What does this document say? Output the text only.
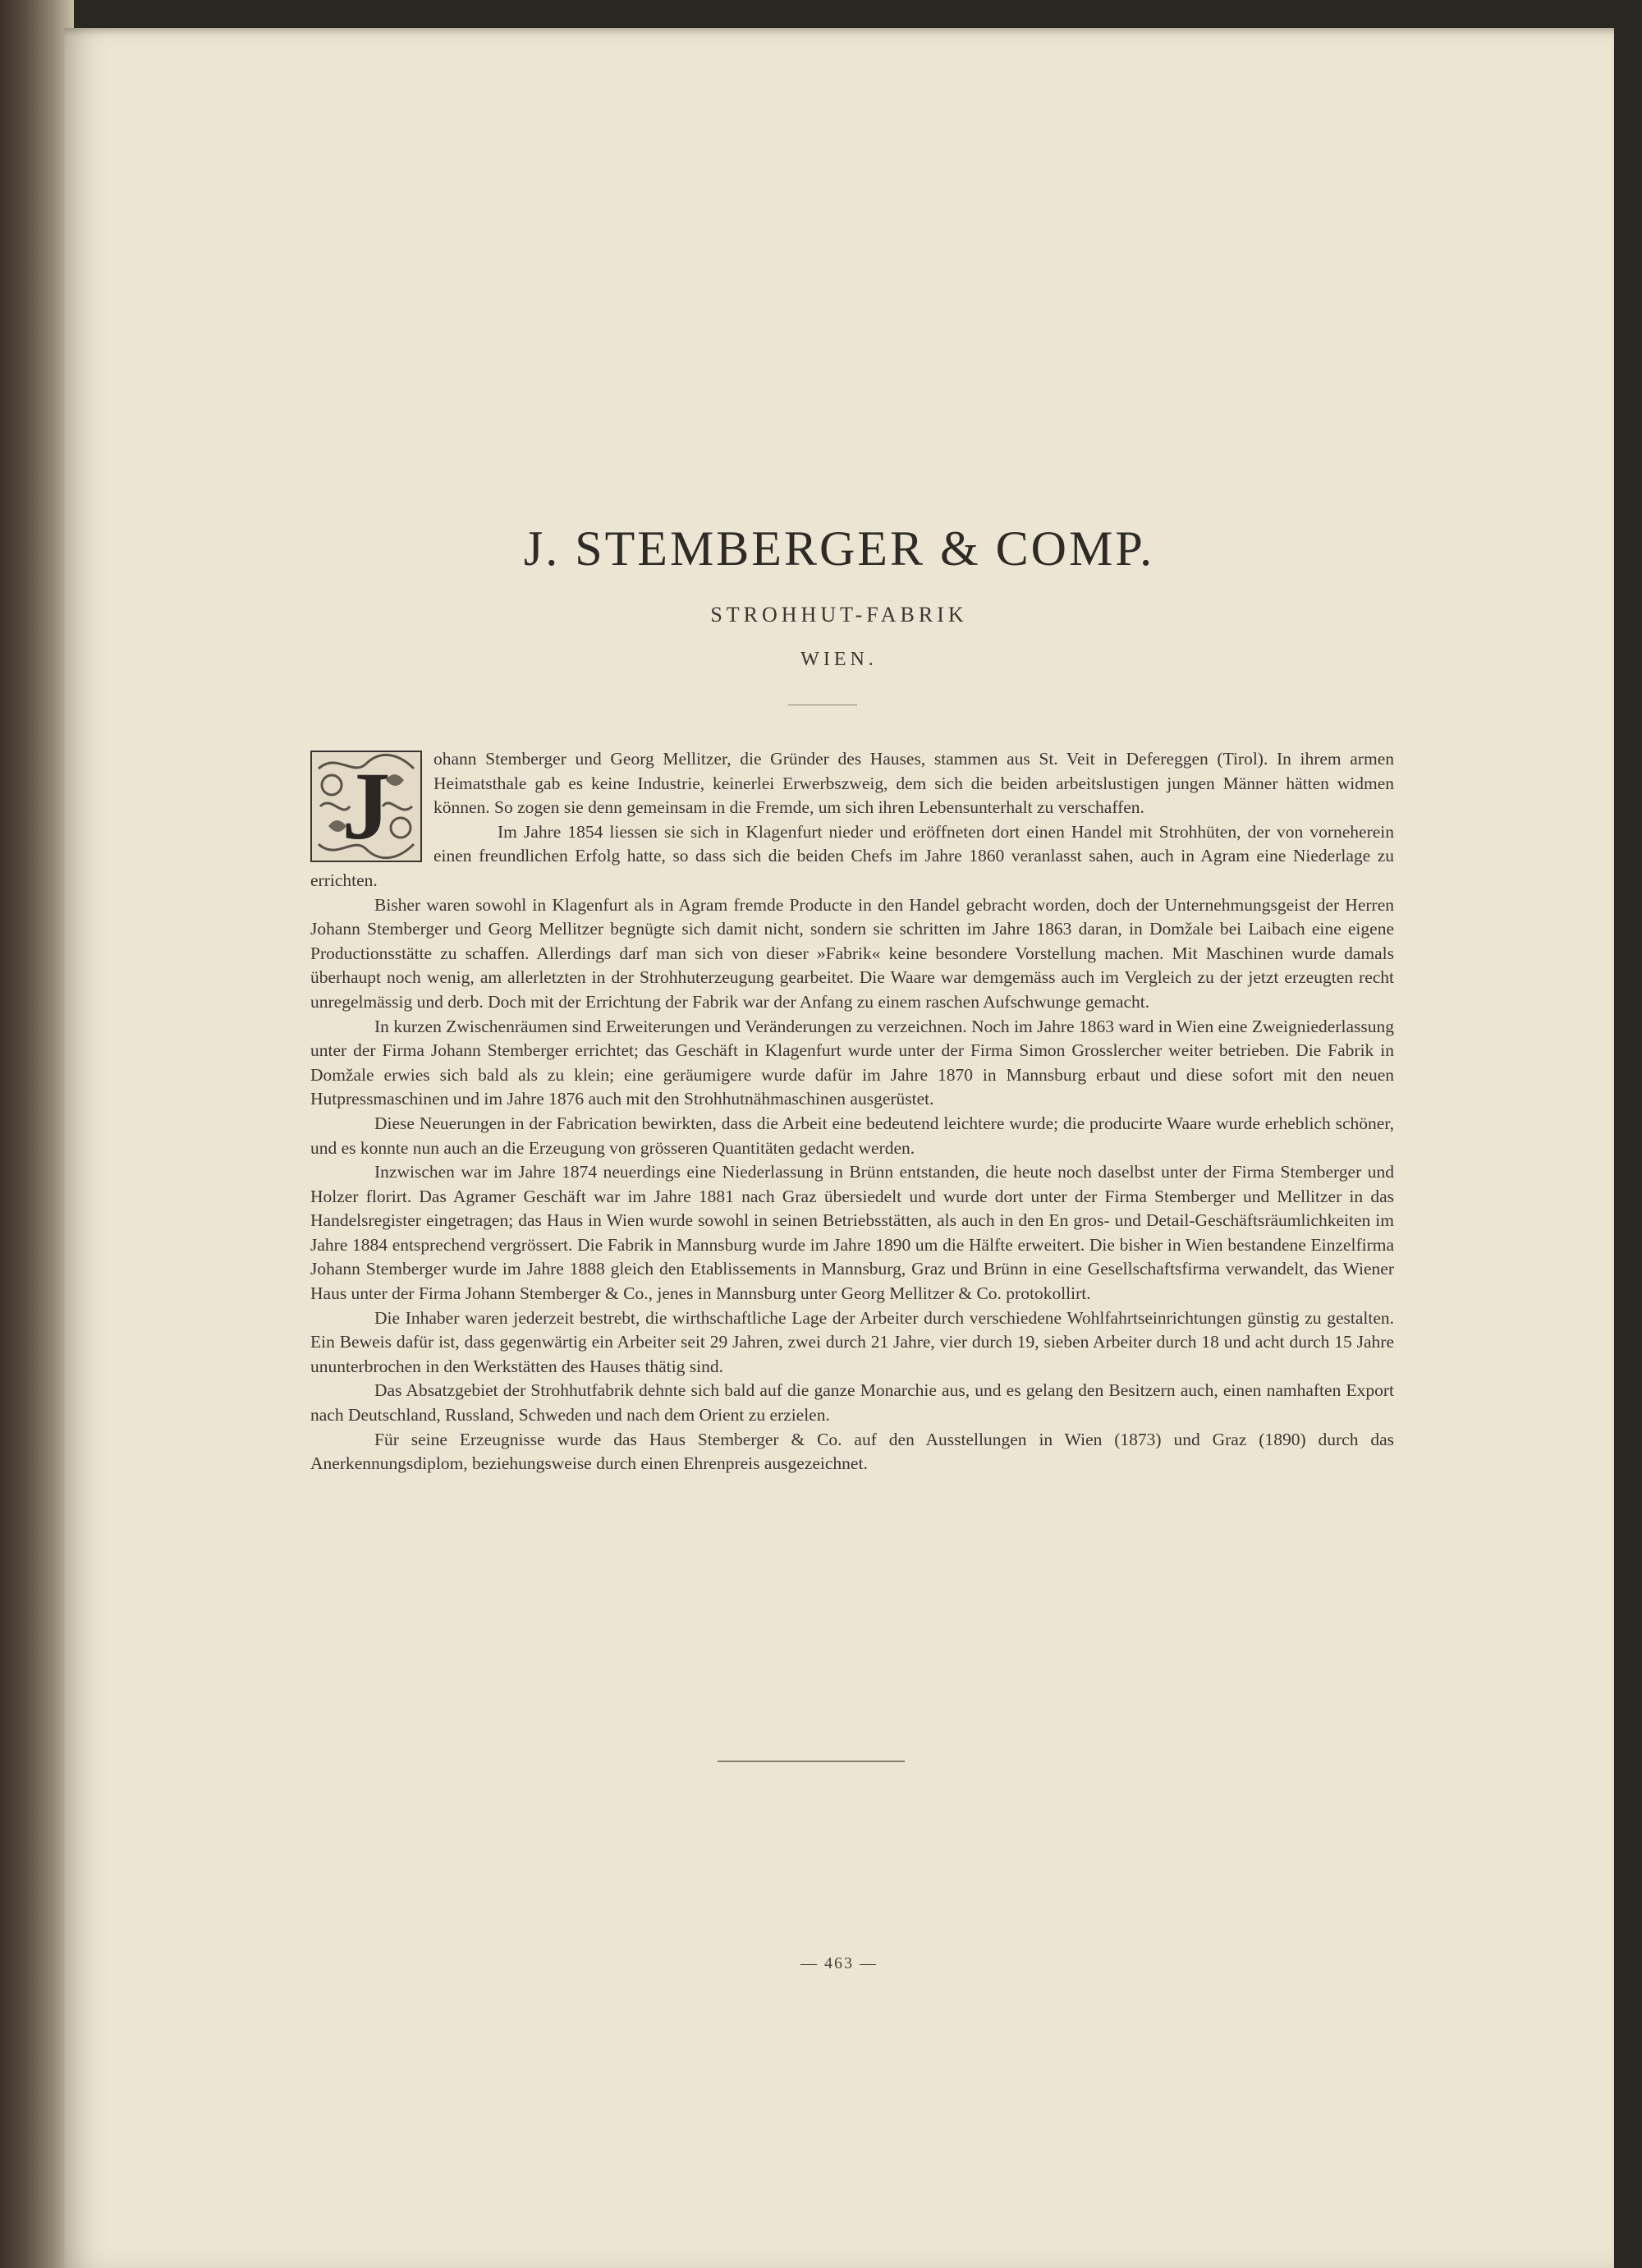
J. STEMBERGER & COMP.
STROHHUT-FABRIK
WIEN.

J	ohann Stemberger und Georg Mellitzer, die Gründer des Hauses, stammen aus St. Veit in Defereggen (Tirol). In ihrem armen Heimatsthale gab es keine Industrie, keinerlei Erwerbszweig, dem sich die beiden arbeitslustigen jungen Männer hätten widmen können. So zogen sie denn gemeinsam in die Fremde, um sich ihren Lebensunterhalt zu verschaffen.

Im Jahre 1854 liessen sie sich in Klagenfurt nieder und eröffneten dort einen Handel mit Strohhüten, der von vorneherein einen freundlichen Erfolg hatte, so dass sich die beiden Chefs im Jahre 1860 veranlasst sahen, auch in Agram eine Niederlage zu errichten.

Bisher waren sowohl in Klagenfurt als in Agram fremde Producte in den Handel gebracht worden, doch der Unternehmungsgeist der Herren Johann Stemberger und Georg Mellitzer begnügte sich damit nicht, sondern sie schritten im Jahre 1863 daran, in Domžale bei Laibach eine eigene Productionsstätte zu schaffen. Allerdings darf man sich von dieser »Fabrik« keine besondere Vorstellung machen. Mit Maschinen wurde damals überhaupt noch wenig, am allerletzten in der Strohhuterzeugung gearbeitet. Die Waare war demgemäss auch im Vergleich zu der jetzt erzeugten recht unregelmässig und derb. Doch mit der Errichtung der Fabrik war der Anfang zu einem raschen Aufschwunge gemacht.

In kurzen Zwischenräumen sind Erweiterungen und Veränderungen zu verzeichnen. Noch im Jahre 1863 ward in Wien eine Zweigniederlassung unter der Firma Johann Stemberger errichtet; das Geschäft in Klagenfurt wurde unter der Firma Simon Grosslercher weiter betrieben. Die Fabrik in Domžale erwies sich bald als zu klein; eine geräumigere wurde dafür im Jahre 1870 in Mannsburg erbaut und diese sofort mit den neuen Hutpressmaschinen und im Jahre 1876 auch mit den Strohhutnähmaschinen ausgerüstet.

Diese Neuerungen in der Fabrication bewirkten, dass die Arbeit eine bedeutend leichtere wurde; die producirte Waare wurde erheblich schöner, und es konnte nun auch an die Erzeugung von grösseren Quantitäten gedacht werden.

Inzwischen war im Jahre 1874 neuerdings eine Niederlassung in Brünn entstanden, die heute noch daselbst unter der Firma Stemberger und Holzer florirt. Das Agramer Geschäft war im Jahre 1881 nach Graz übersiedelt und wurde dort unter der Firma Stemberger und Mellitzer in das Handelsregister eingetragen; das Haus in Wien wurde sowohl in seinen Betriebsstätten, als auch in den En gros- und Detail-Geschäftsräumlichkeiten im Jahre 1884 entsprechend vergrössert. Die Fabrik in Mannsburg wurde im Jahre 1890 um die Hälfte erweitert. Die bisher in Wien bestandene Einzelfirma Johann Stemberger wurde im Jahre 1888 gleich den Etablissements in Mannsburg, Graz und Brünn in eine Gesellschaftsfirma verwandelt, das Wiener Haus unter der Firma Johann Stemberger & Co., jenes in Mannsburg unter Georg Mellitzer & Co. protokollirt.

Die Inhaber waren jederzeit bestrebt, die wirthschaftliche Lage der Arbeiter durch verschiedene Wohlfahrtseinrichtungen günstig zu gestalten. Ein Beweis dafür ist, dass gegenwärtig ein Arbeiter seit 29 Jahren, zwei durch 21 Jahre, vier durch 19, sieben Arbeiter durch 18 und acht durch 15 Jahre ununterbrochen in den Werkstätten des Hauses thätig sind.

Das Absatzgebiet der Strohhutfabrik dehnte sich bald auf die ganze Monarchie aus, und es gelang den Besitzern auch, einen namhaften Export nach Deutschland, Russland, Schweden und nach dem Orient zu erzielen.

Für seine Erzeugnisse wurde das Haus Stemberger & Co. auf den Ausstellungen in Wien (1873) und Graz (1890) durch das Anerkennungsdiplom, beziehungsweise durch einen Ehrenpreis ausgezeichnet.

— 463 —
